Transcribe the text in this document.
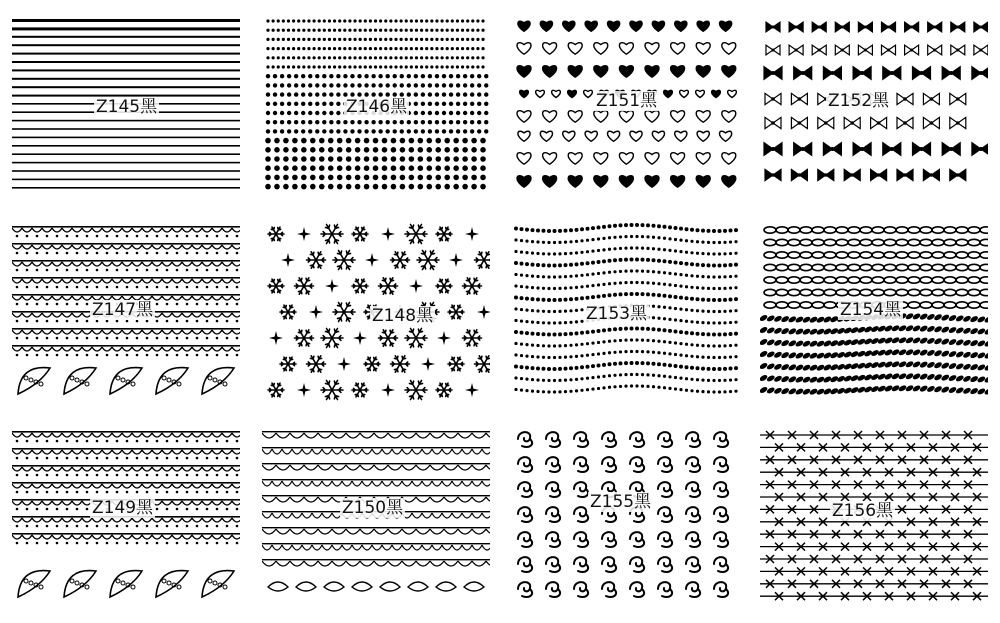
Z145黑	Z146黑	Z151黑	Z152黑
Z147黑	Z148黑	Z153黑	Z154黑
Z149黑	Z150黑	Z155黑	Z156黑
